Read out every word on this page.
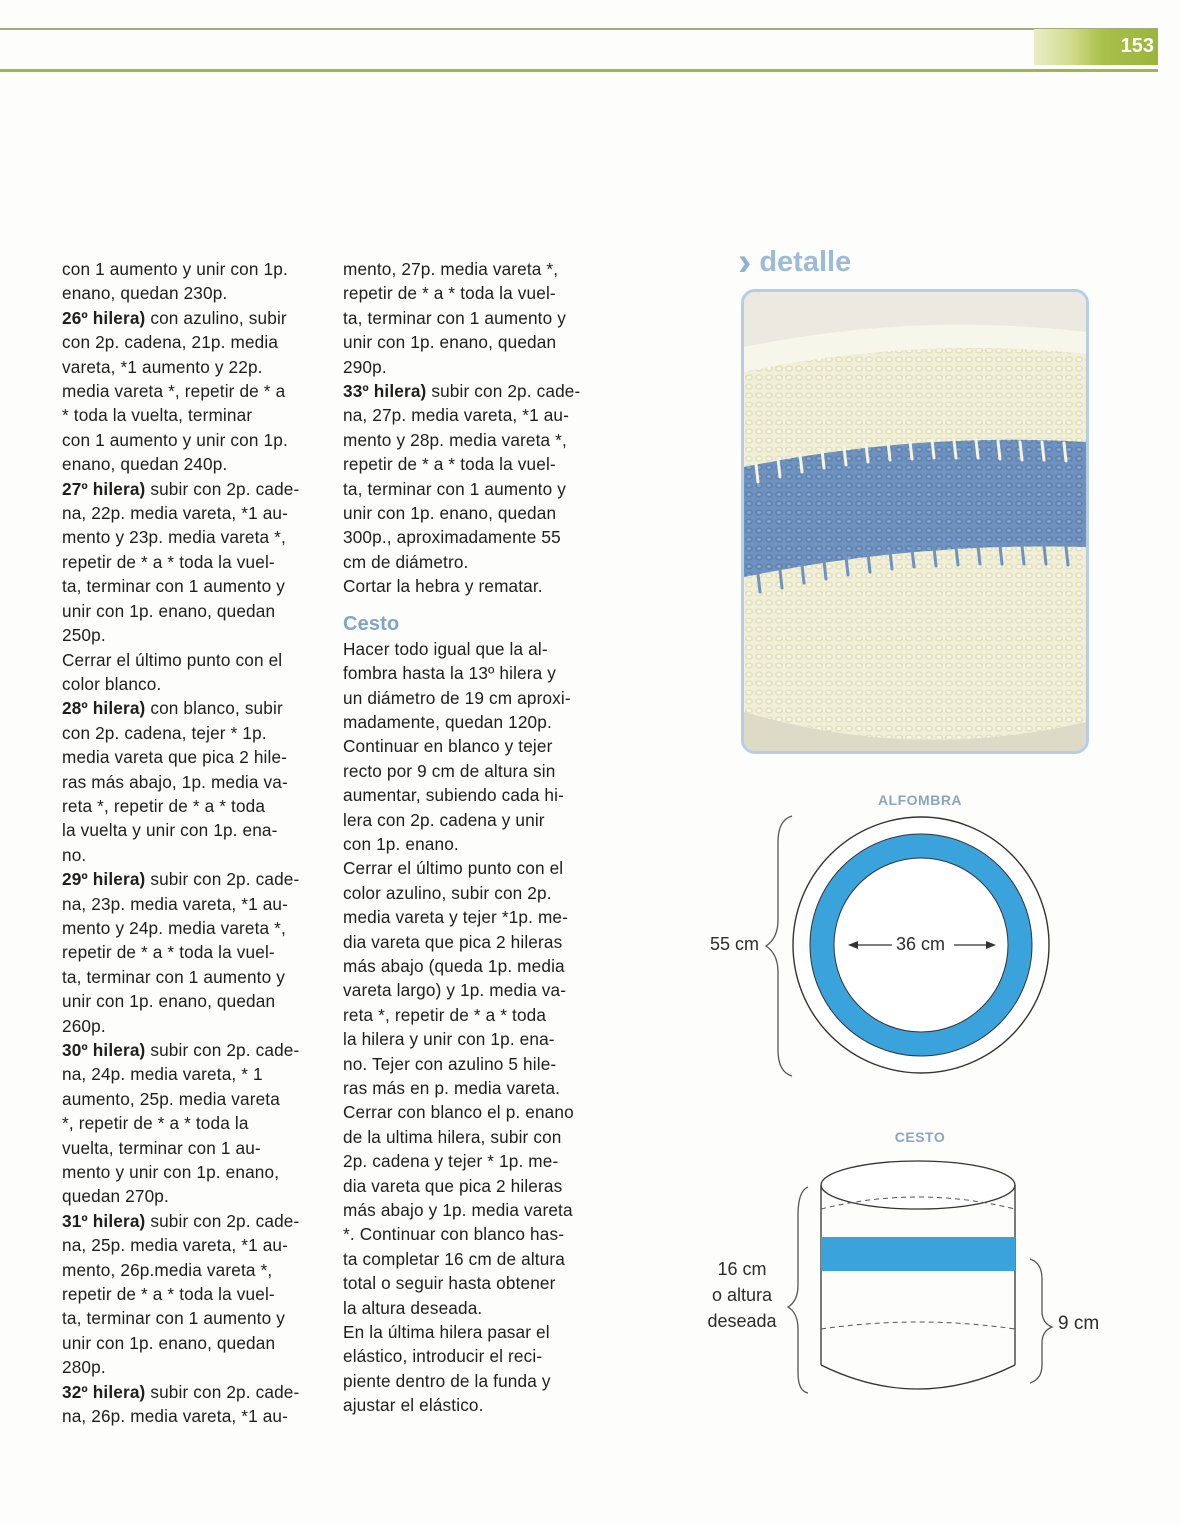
153

con 1 aumento y unir con 1p.

enano, quedan 230p.

26º hilera) con azulino, subir

con 2p. cadena, 21p. media

vareta, *1 aumento y 22p.

media vareta *, repetir de * a

* toda la vuelta, terminar

con 1 aumento y unir con 1p.

enano, quedan 240p.

27º hilera) subir con 2p. cade-

na, 22p. media vareta, *1 au-

mento y 23p. media vareta *,

repetir de * a * toda la vuel-

ta, terminar con 1 aumento y

unir con 1p. enano, quedan

250p.

Cerrar el último punto con el

color blanco.

28º hilera) con blanco, subir

con 2p. cadena, tejer * 1p.

media vareta que pica 2 hile-

ras más abajo, 1p. media va-

reta *, repetir de * a * toda

la vuelta y unir con 1p. ena-

no.

29º hilera) subir con 2p. cade-

na, 23p. media vareta, *1 au-

mento y 24p. media vareta *,

repetir de * a * toda la vuel-

ta, terminar con 1 aumento y

unir con 1p. enano, quedan

260p.

30º hilera) subir con 2p. cade-

na, 24p. media vareta, * 1

aumento, 25p. media vareta

*, repetir de * a * toda la

vuelta, terminar con 1 au-

mento y unir con 1p. enano,

quedan 270p.

31º hilera) subir con 2p. cade-

na, 25p. media vareta, *1 au-

mento, 26p.media vareta *,

repetir de * a * toda la vuel-

ta, terminar con 1 aumento y

unir con 1p. enano, quedan

280p.

32º hilera) subir con 2p. cade-

na, 26p. media vareta, *1 au-

mento, 27p. media vareta *,

repetir de * a * toda la vuel-

ta, terminar con 1 aumento y

unir con 1p. enano, quedan

290p.

33º hilera) subir con 2p. cade-

na, 27p. media vareta, *1 au-

mento y 28p. media vareta *,

repetir de * a * toda la vuel-

ta, terminar con 1 aumento y

unir con 1p. enano, quedan

300p., aproximadamente 55

cm de diámetro.

Cortar la hebra y rematar.

Cesto

Hacer todo igual que la al-

fombra hasta la 13º hilera y

un diámetro de 19 cm aproxi-

madamente, quedan 120p.

Continuar en blanco y tejer

recto por 9 cm de altura sin

aumentar, subiendo cada hi-

lera con 2p. cadena y unir

con 1p. enano.

Cerrar el último punto con el

color azulino, subir con 2p.

media vareta y tejer *1p. me-

dia vareta que pica 2 hileras

más abajo (queda 1p. media

vareta largo) y 1p. media va-

reta *, repetir de * a * toda

la hilera y unir con 1p. ena-

no. Tejer con azulino 5 hile-

ras más en p. media vareta.

Cerrar con blanco el p. enano

de la ultima hilera, subir con

2p. cadena y tejer * 1p. me-

dia vareta que pica 2 hileras

más abajo y 1p. media vareta

*. Continuar con blanco has-

ta completar 16 cm de altura

total o seguir hasta obtener

la altura deseada.

En la última hilera pasar el

elástico, introducir el reci-

piente dentro de la funda y

ajustar el elástico.

› detalle
ALFOMBRA
55 cm	36 cm
CESTO
16 cm
o altura
deseada	9 cm
